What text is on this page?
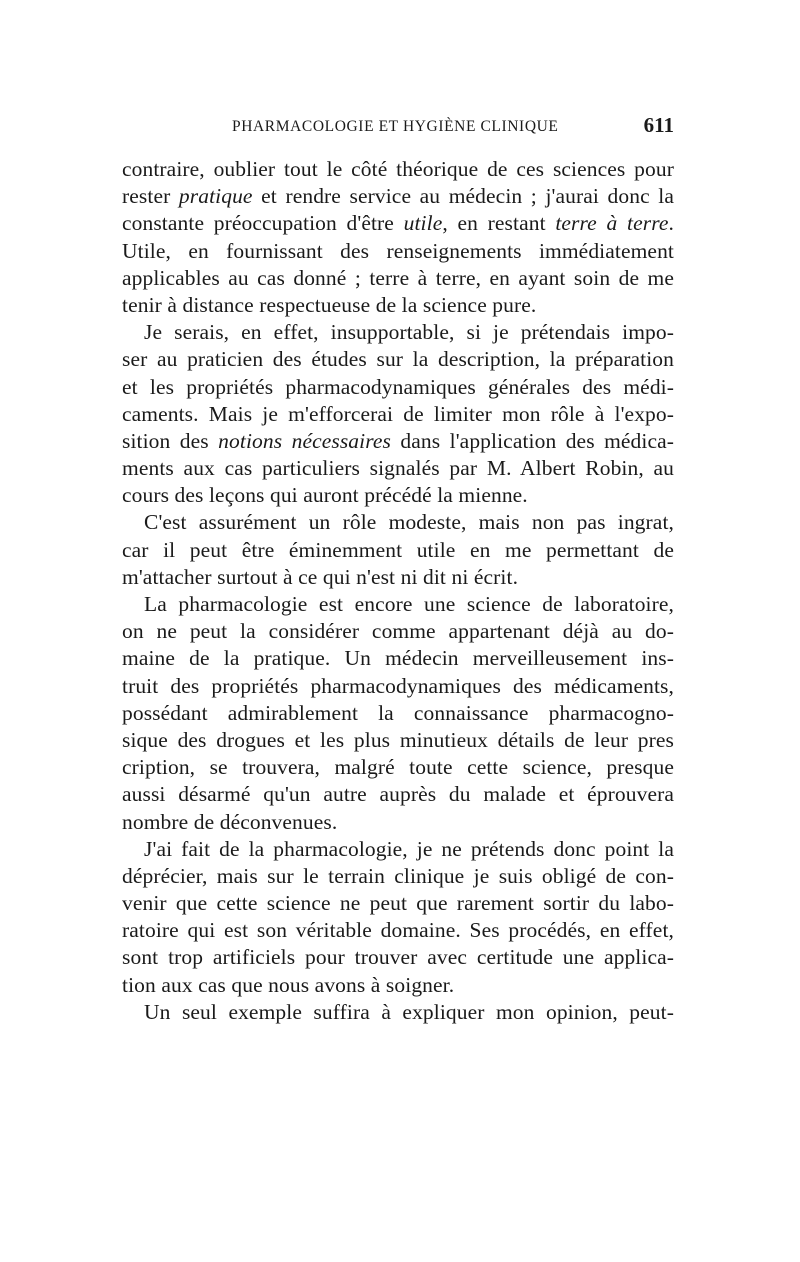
PHARMACOLOGIE ET HYGIÈNE CLINIQUE	611
contraire, oublier tout le côté théorique de ces sciences pour
rester pratique et rendre service au médecin ; j'aurai donc la
constante préoccupation d'être utile, en restant terre à terre.
Utile, en fournissant des renseignements immédiatement
applicables au cas donné ; terre à terre, en ayant soin de me
tenir à distance respectueuse de la science pure.
Je serais, en effet, insupportable, si je prétendais impo-
ser au praticien des études sur la description, la préparation
et les propriétés pharmacodynamiques générales des médi-
caments. Mais je m'efforcerai de limiter mon rôle à l'expo-
sition des notions nécessaires dans l'application des médica-
ments aux cas particuliers signalés par M. Albert Robin, au
cours des leçons qui auront précédé la mienne.
C'est assurément un rôle modeste, mais non pas ingrat,
car il peut être éminemment utile en me permettant de
m'attacher surtout à ce qui n'est ni dit ni écrit.
La pharmacologie est encore une science de laboratoire,
on ne peut la considérer comme appartenant déjà au do-
maine de la pratique. Un médecin merveilleusement ins-
truit des propriétés pharmacodynamiques des médicaments,
possédant admirablement la connaissance pharmacogno-
sique des drogues et les plus minutieux détails de leur pres
cription, se trouvera, malgré toute cette science, presque
aussi désarmé qu'un autre auprès du malade et éprouvera
nombre de déconvenues.
J'ai fait de la pharmacologie, je ne prétends donc point la
déprécier, mais sur le terrain clinique je suis obligé de con-
venir que cette science ne peut que rarement sortir du labo-
ratoire qui est son véritable domaine. Ses procédés, en effet,
sont trop artificiels pour trouver avec certitude une applica-
tion aux cas que nous avons à soigner.
Un seul exemple suffira à expliquer mon opinion, peut-
